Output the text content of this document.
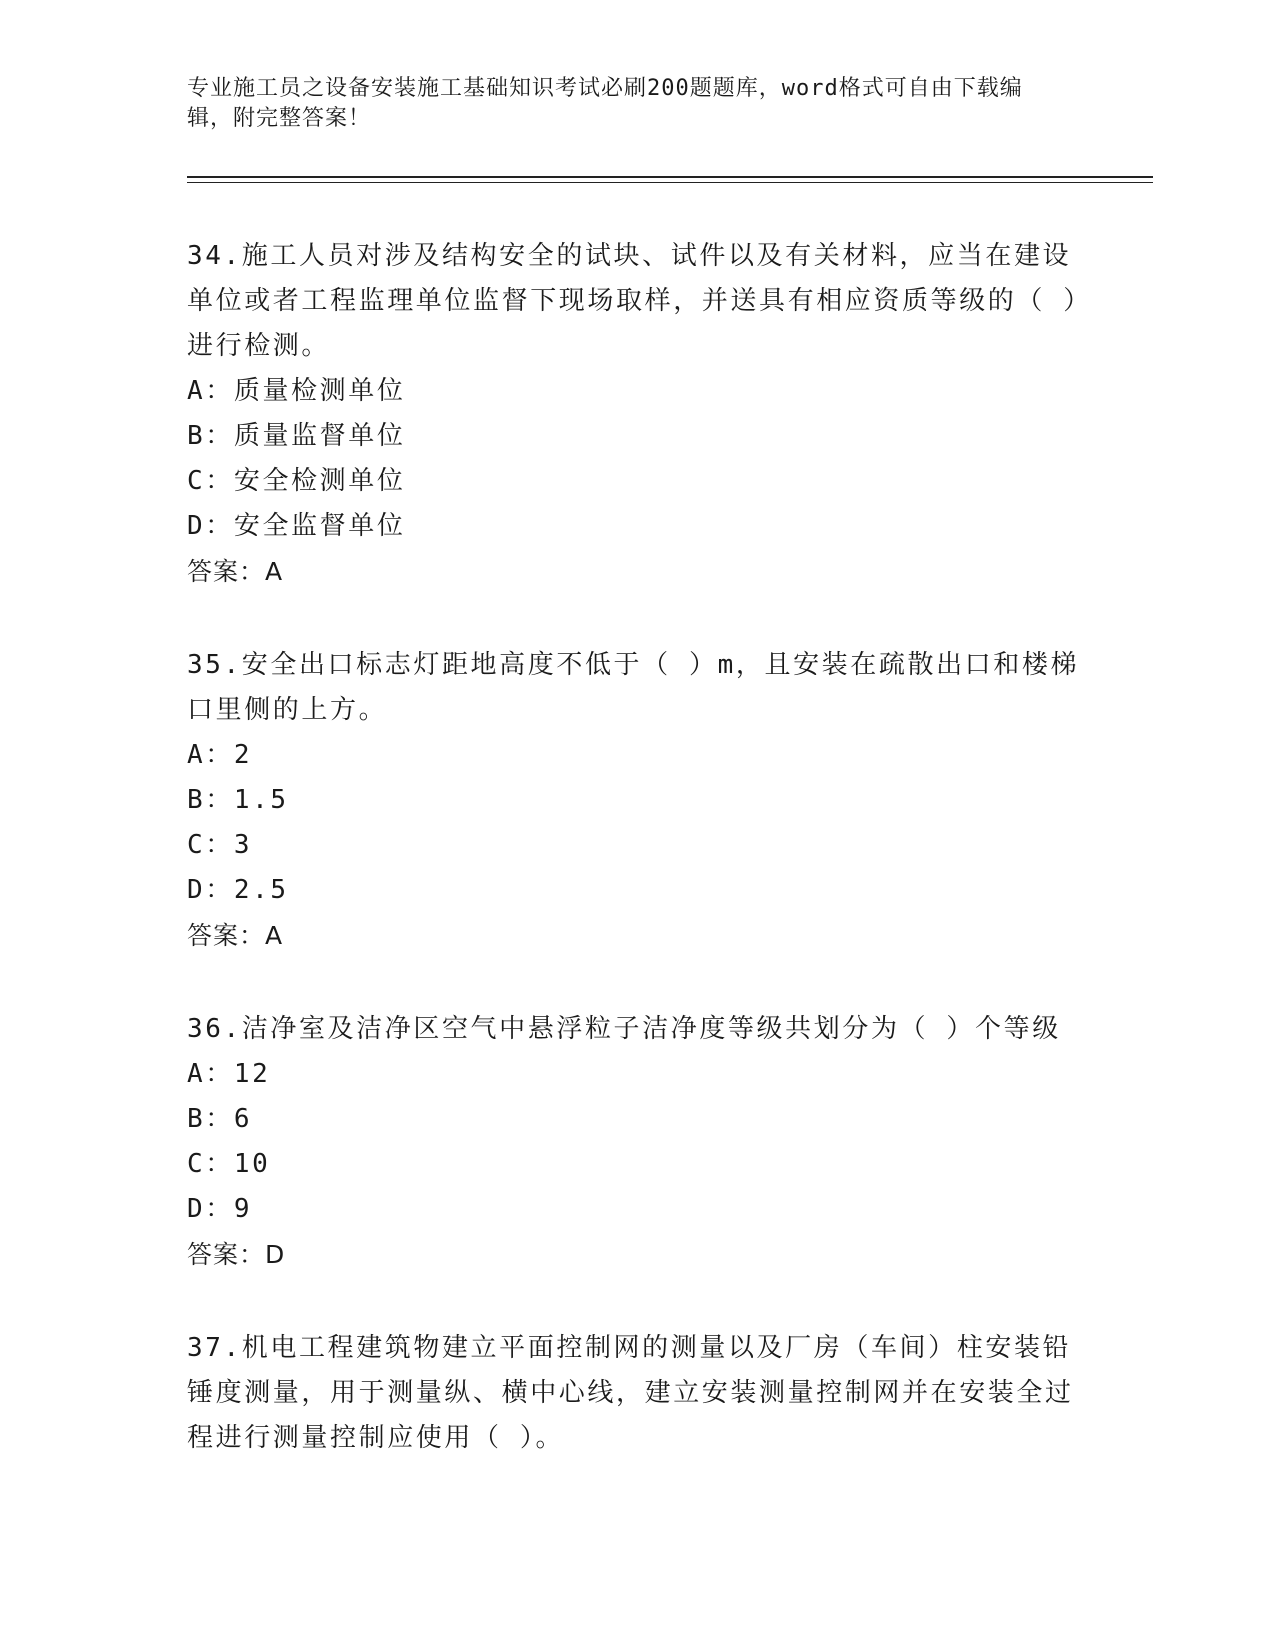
专业施工员之设备安装施工基础知识考试必刷200题题库，word格式可自由下载编辑，附完整答案！
34.施工人员对涉及结构安全的试块、试件以及有关材料，应当在建设单位或者工程监理单位监督下现场取样，并送具有相应资质等级的（ ）进行检测。
A：质量检测单位
B：质量监督单位
C：安全检测单位
D：安全监督单位
答案：A
35.安全出口标志灯距地高度不低于（ ）m，且安装在疏散出口和楼梯口里侧的上方。
A：2
B：1.5
C：3
D：2.5
答案：A
36.洁净室及洁净区空气中悬浮粒子洁净度等级共划分为（ ）个等级
A：12
B：6
C：10
D：9
答案：D
37.机电工程建筑物建立平面控制网的测量以及厂房（车间）柱安装铅锤度测量，用于测量纵、横中心线，建立安装测量控制网并在安装全过程进行测量控制应使用（ ）。
